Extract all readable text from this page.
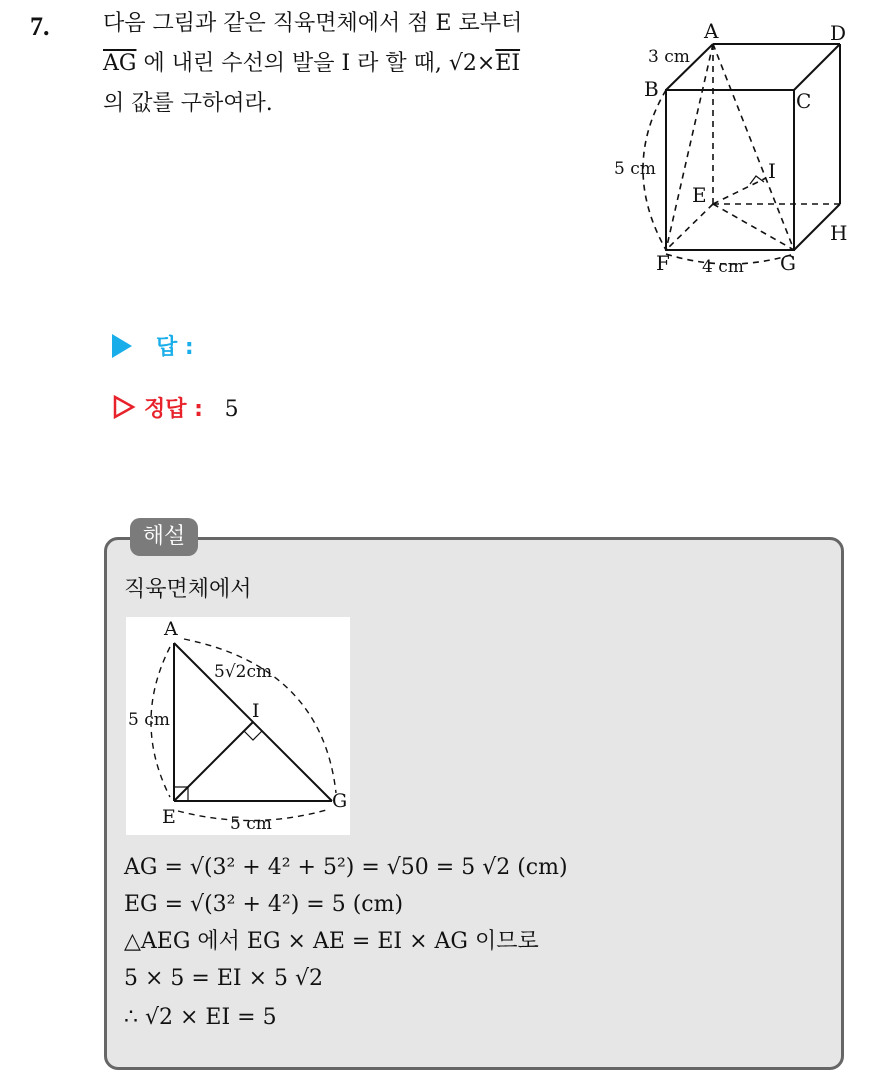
7. 다음 그림과 같은 직육면체에서 점 E 로부터
$\overline{AG}$ 에 내린 수선의 발을 I 라 할 때, $√2\times\overline{EI}$
의 값를 구하여라.
A	D
B	C
E
I
H
F	G
3 cm
5 cm
4 cm
답 :
정답 : 5
해설
직육면체에서
A
E
G
I
5 cm
5 cm
5√2cm
AG = √(3² + 4² + 5²) = √50 = 5 √2 (cm)
EG = √(3² + 4²) = 5 (cm)
△AEG 에서 EG × AE = EI × AG 이므로
5 × 5 = EI × 5 √2
∴ √2 × EI = 5
